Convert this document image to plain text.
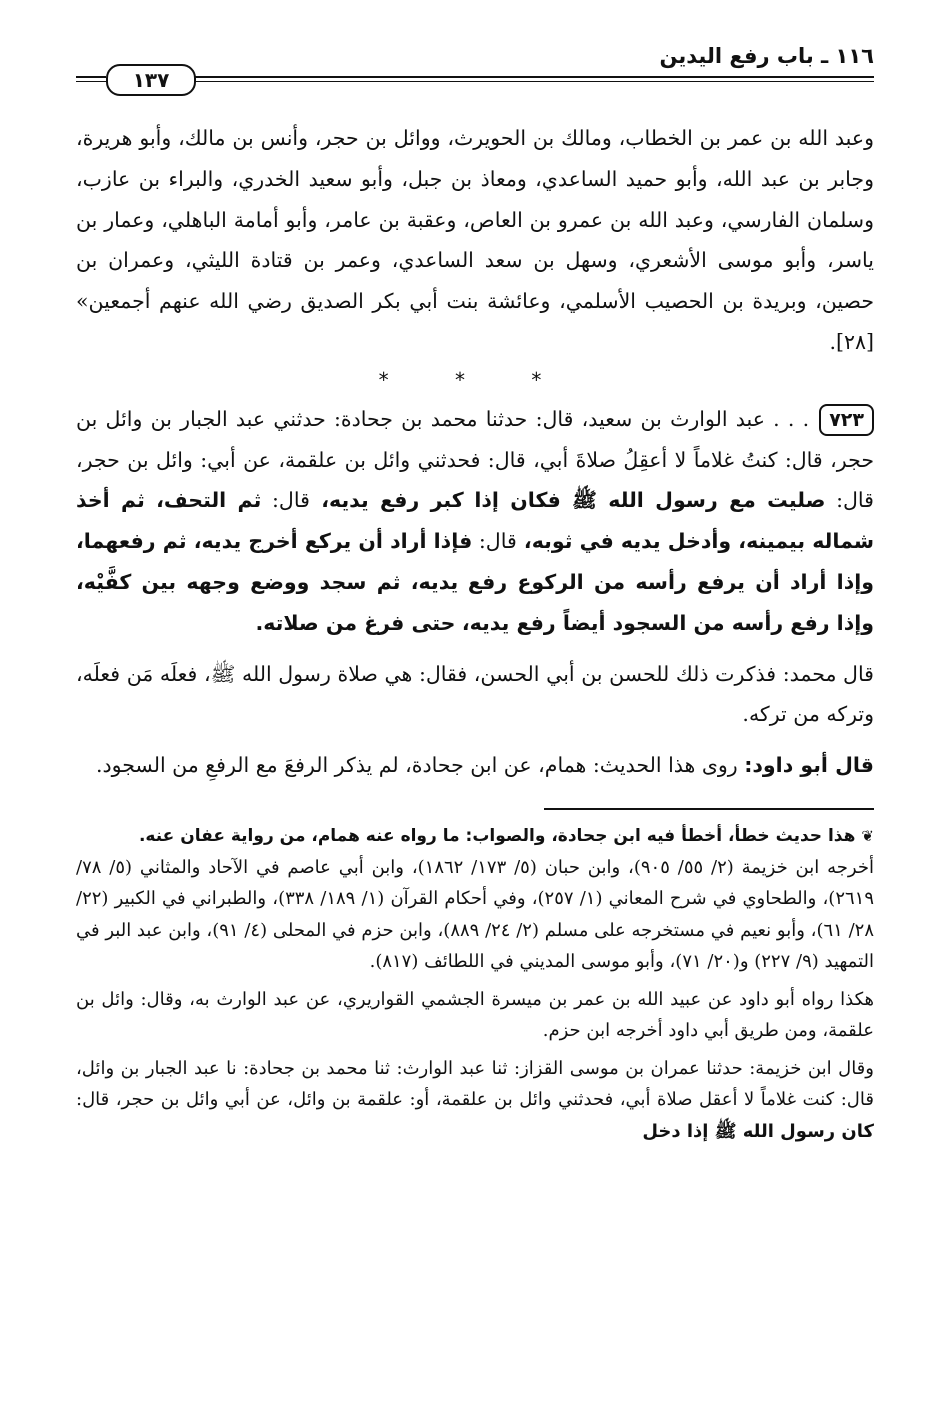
١١٦ ـ باب رفع اليدين
١٣٧

وعبد الله بن عمر بن الخطاب، ومالك بن الحويرث، ووائل بن حجر، وأنس بن مالك، وأبو هريرة، وجابر بن عبد الله، وأبو حميد الساعدي، ومعاذ بن جبل، وأبو سعيد الخدري، والبراء بن عازب، وسلمان الفارسي، وعبد الله بن عمرو بن العاص، وعقبة بن عامر، وأبو أمامة الباهلي، وعمار بن ياسر، وأبو موسى الأشعري، وسهل بن سعد الساعدي، وعمر بن قتادة الليثي، وعمران بن حصين، وبريدة بن الحصيب الأسلمي، وعائشة بنت أبي بكر الصديق رضي الله عنهم أجمعين» [٢٨].

* * *

٧٢٣. . . عبد الوارث بن سعيد، قال: حدثنا محمد بن جحادة: حدثني عبد الجبار بن وائل بن حجر، قال: كنتُ غلاماً لا أعقِلُ صلاةَ أبي، قال: فحدثني وائل بن علقمة، عن أبي: وائل بن حجر، قال: صليت مع رسول الله ﷺ فكان إذا كبر رفع يديه، قال: ثم التحف، ثم أخذ شماله بيمينه، وأدخل يديه في ثوبه، قال: فإذا أراد أن يركع أخرج يديه، ثم رفعهما، وإذا أراد أن يرفع رأسه من الركوع رفع يديه، ثم سجد ووضع وجهه بين كفَّيْه، وإذا رفع رأسه من السجود أيضاً رفع يديه، حتى فرغ من صلاته.

قال محمد: فذكرت ذلك للحسن بن أبي الحسن، فقال: هي صلاة رسول الله ﷺ، فعلَه مَن فعلَه، وتركه من تركه.

قال أبو داود: روى هذا الحديث: همام، عن ابن جحادة، لم يذكر الرفعَ مع الرفعِ من السجود.

❦هذا حديث خطأ، أخطأ فيه ابن جحادة، والصواب: ما رواه عنه همام، من رواية عفان عنه.

أخرجه ابن خزيمة (٢/ ٥٥/ ٩٠٥)، وابن حبان (٥/ ١٧٣/ ١٨٦٢)، وابن أبي عاصم في الآحاد والمثاني (٥/ ٧٨/ ٢٦١٩)، والطحاوي في شرح المعاني (١/ ٢٥٧)، وفي أحكام القرآن (١/ ١٨٩/ ٣٣٨)، والطبراني في الكبير (٢٢/ ٢٨/ ٦١)، وأبو نعيم في مستخرجه على مسلم (٢/ ٢٤/ ٨٨٩)، وابن حزم في المحلى (٤/ ٩١)، وابن عبد البر في التمهيد (٩/ ٢٢٧) و(٢٠/ ٧١)، وأبو موسى المديني في اللطائف (٨١٧).

هكذا رواه أبو داود عن عبيد الله بن عمر بن ميسرة الجشمي القواريري، عن عبد الوارث به، وقال: وائل بن علقمة، ومن طريق أبي داود أخرجه ابن حزم.

وقال ابن خزيمة: حدثنا عمران بن موسى القزاز: ثنا عبد الوارث: ثنا محمد بن جحادة: نا عبد الجبار بن وائل، قال: كنت غلاماً لا أعقل صلاة أبي، فحدثني وائل بن علقمة، أو: علقمة بن وائل، عن أبي وائل بن حجر، قال: كان رسول الله ﷺ إذا دخل
